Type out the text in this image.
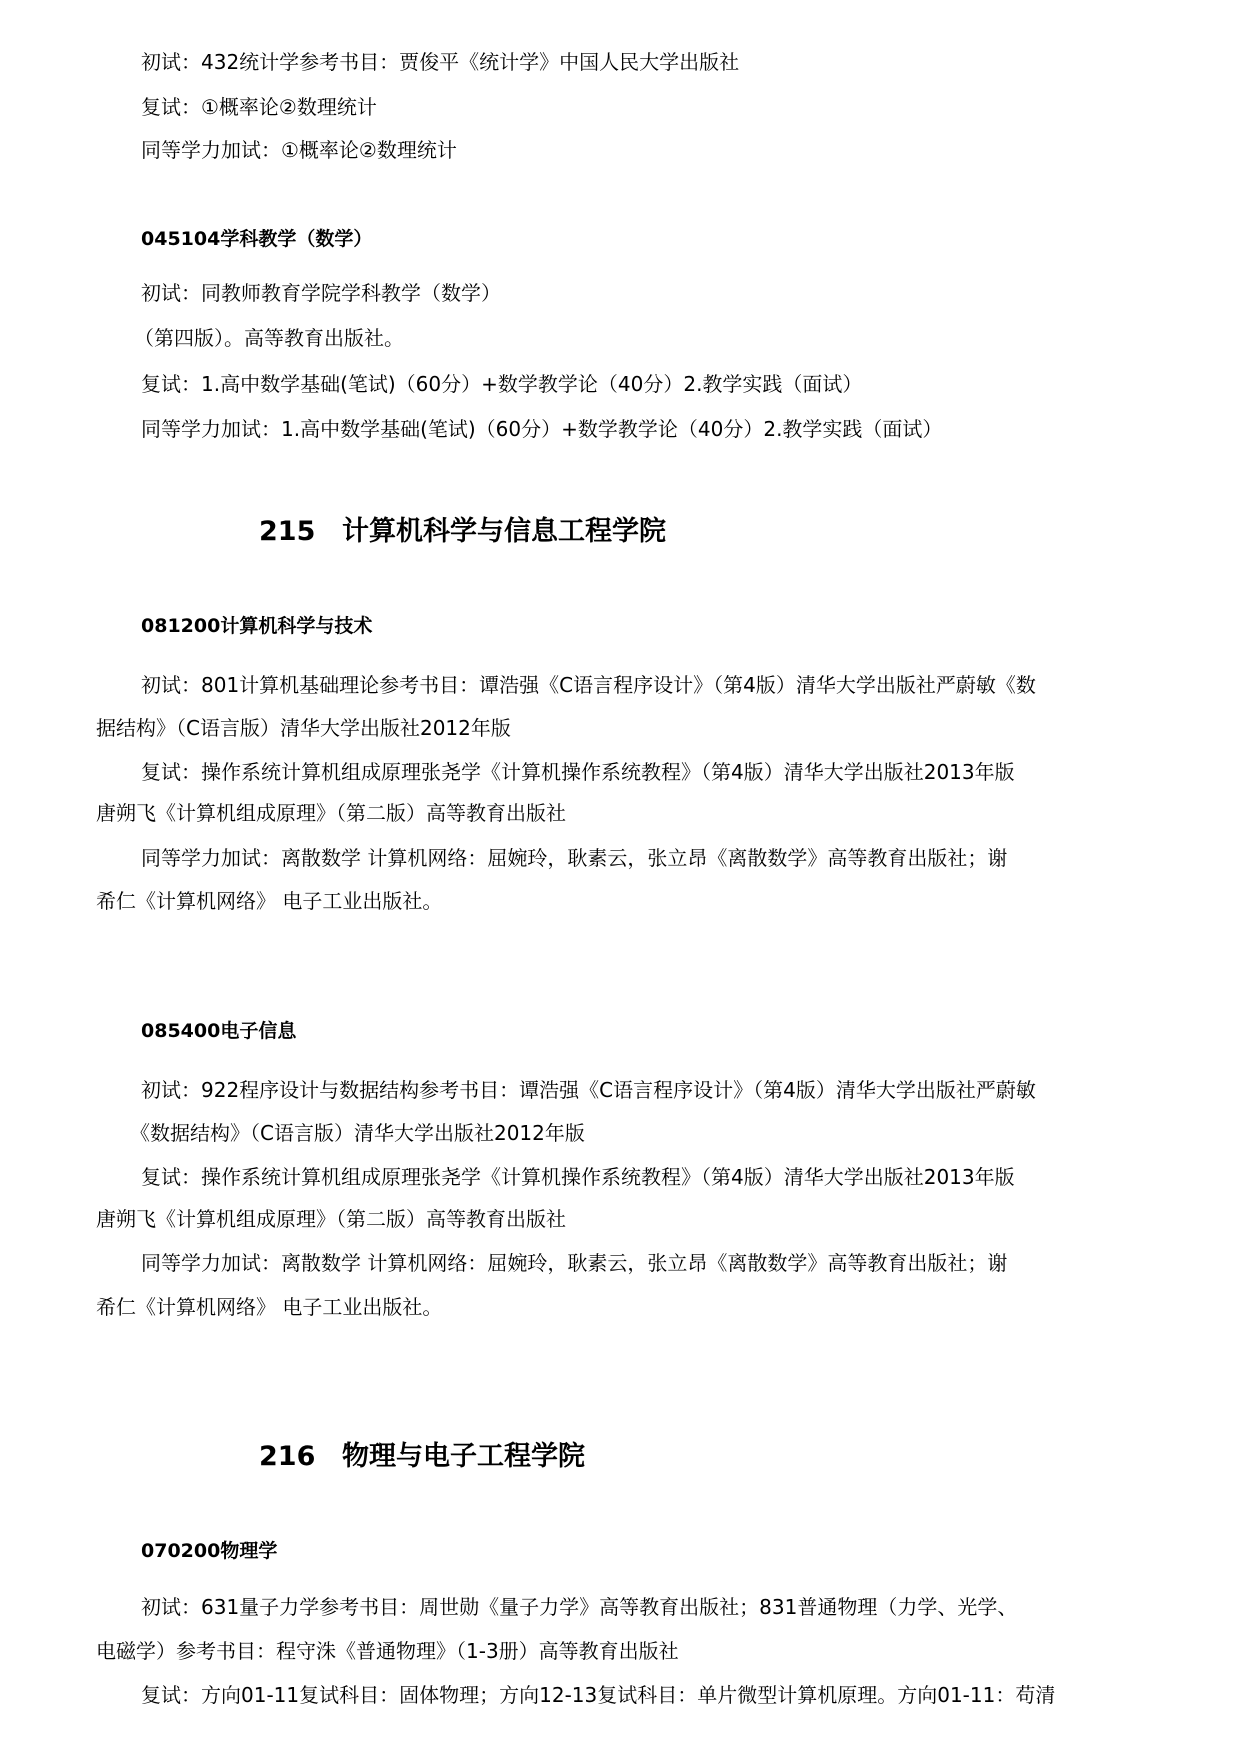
初试：432统计学参考书目：贾俊平《统计学》中国人民大学出版社
复试：①概率论②数理统计
同等学力加试：①概率论②数理统计
045104学科教学（数学）
初试：同教师教育学院学科教学（数学）
（第四版）。高等教育出版社。
复试：1.高中数学基础(笔试)（60分）+数学教学论（40分）2.教学实践（面试）
同等学力加试：1.高中数学基础(笔试)（60分）+数学教学论（40分）2.教学实践（面试）
215 计算机科学与信息工程学院
081200计算机科学与技术
初试：801计算机基础理论参考书目：谭浩强《C语言程序设计》（第4版）清华大学出版社严蔚敏《数
据结构》（C语言版）清华大学出版社2012年版
复试：操作系统计算机组成原理张尧学《计算机操作系统教程》（第4版）清华大学出版社2013年版
唐朔飞《计算机组成原理》（第二版）高等教育出版社
同等学力加试：离散数学 计算机网络：屈婉玲，耿素云，张立昂《离散数学》高等教育出版社；谢
希仁《计算机网络》 电子工业出版社。
085400电子信息
初试：922程序设计与数据结构参考书目：谭浩强《C语言程序设计》（第4版）清华大学出版社严蔚敏
《数据结构》（C语言版）清华大学出版社2012年版
复试：操作系统计算机组成原理张尧学《计算机操作系统教程》（第4版）清华大学出版社2013年版
唐朔飞《计算机组成原理》（第二版）高等教育出版社
同等学力加试：离散数学 计算机网络：屈婉玲，耿素云，张立昂《离散数学》高等教育出版社；谢
希仁《计算机网络》 电子工业出版社。
216 物理与电子工程学院
070200物理学
初试：631量子力学参考书目：周世勋《量子力学》高等教育出版社；831普通物理（力学、光学、
电磁学）参考书目：程守洙《普通物理》（1-3册）高等教育出版社
复试：方向01-11复试科目：固体物理；方向12-13复试科目：单片微型计算机原理。方向01-11：苟清
